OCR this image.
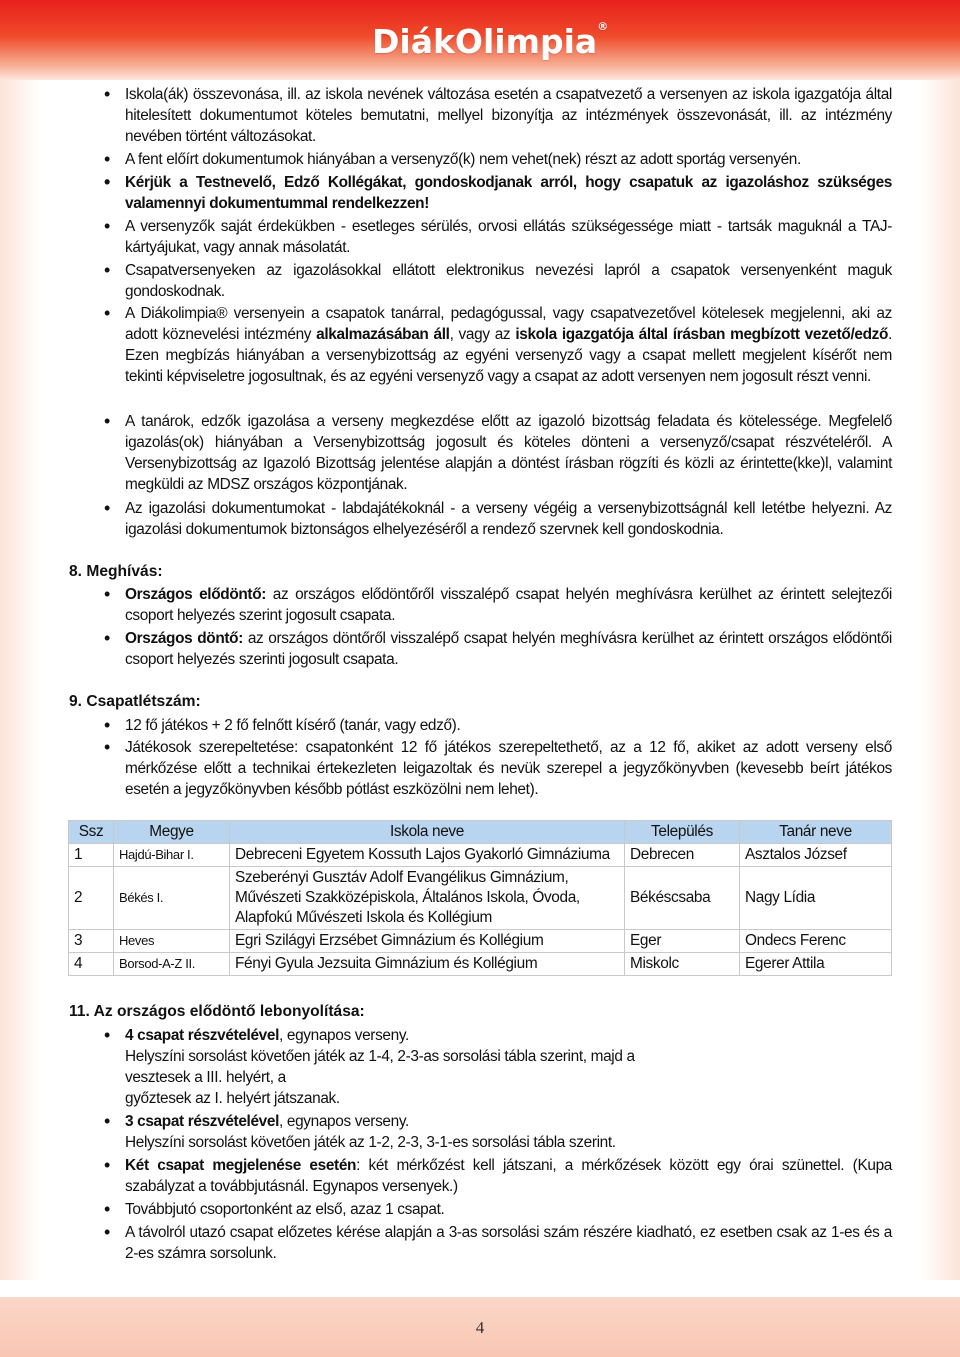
DiákOlimpia®
• Iskola(ák) összevonása, ill. az iskola nevének változása esetén a csapatvezető a versenyen az iskola igazgatója által hitelesített dokumentumot köteles bemutatni, mellyel bizonyítja az intézmények összevonását, ill. az intézmény nevében történt változásokat.
• A fent előírt dokumentumok hiányában a versenyző(k) nem vehet(nek) részt az adott sportág versenyén.
• Kérjük a Testnevelő, Edző Kollégákat, gondoskodjanak arról, hogy csapatuk az igazoláshoz szükséges valamennyi dokumentummal rendelkezzen!
• A versenyzők saját érdekükben - esetleges sérülés, orvosi ellátás szükségessége miatt - tartsák maguknál a TAJ-kártyájukat, vagy annak másolatát.
• Csapatversenyeken az igazolásokkal ellátott elektronikus nevezési lapról a csapatok versenyenként maguk gondoskodnak.
• A Diákolimpia® versenyein a csapatok tanárral, pedagógussal, vagy csapatvezetővel kötelesek megjelenni, aki az adott köznevelési intézmény alkalmazásában áll, vagy az iskola igazgatója által írásban megbízott vezető/edző. Ezen megbízás hiányában a versenybizottság az egyéni versenyző vagy a csapat mellett megjelent kísérőt nem tekinti képviseletre jogosultnak, és az egyéni versenyző vagy a csapat az adott versenyen nem jogosult részt venni.
• A tanárok, edzők igazolása a verseny megkezdése előtt az igazoló bizottság feladata és kötelessége. Megfelelő igazolás(ok) hiányában a Versenybizottság jogosult és köteles dönteni a versenyző/csapat részvételéről. A Versenybizottság az Igazoló Bizottság jelentése alapján a döntést írásban rögzíti és közli az érintette(kke)l, valamint megküldi az MDSZ országos központjának.
• Az igazolási dokumentumokat - labdajátékoknál - a verseny végéig a versenybizottságnál kell letétbe helyezni. Az igazolási dokumentumok biztonságos elhelyezéséről a rendező szervnek kell gondoskodnia.
8. Meghívás:
• Országos elődöntő: az országos elődöntőről visszalépő csapat helyén meghívásra kerülhet az érintett selejtezői csoport helyezés szerint jogosult csapata.
• Országos döntő: az országos döntőről visszalépő csapat helyén meghívásra kerülhet az érintett országos elődöntői csoport helyezés szerinti jogosult csapata.
9. Csapatlétszám:
• 12 fő játékos + 2 fő felnőtt kísérő (tanár, vagy edző).
• Játékosok szerepeltetése: csapatonként 12 fő játékos szerepeltethető, az a 12 fő, akiket az adott verseny első mérkőzése előtt a technikai értekezleten leigazoltak és nevük szerepel a jegyzőkönyvben (kevesebb beírt játékos esetén a jegyzőkönyvben később pótlást eszközölni nem lehet).
Ssz	Megye	Iskola neve	Település	Tanár neve
1	Hajdú-Bihar I.	Debreceni Egyetem Kossuth Lajos Gyakorló Gimnáziuma	Debrecen	Asztalos József
2	Békés I.	Szeberényi Gusztáv Adolf Evangélikus Gimnázium,
Művészeti Szakközépiskola, Általános Iskola, Óvoda,
Alapfokú Művészeti Iskola és Kollégium	Békéscsaba	Nagy Lídia
3	Heves	Egri Szilágyi Erzsébet Gimnázium és Kollégium	Eger	Ondecs Ferenc
4	Borsod-A-Z II.	Fényi Gyula Jezsuita Gimnázium és Kollégium	Miskolc	Egerer Attila
11. Az országos elődöntő lebonyolítása:
• 4 csapat részvételével, egynapos verseny.
Helyszíni sorsolást követően játék az 1-4, 2-3-as sorsolási tábla szerint, majd a
vesztesek a III. helyért, a
győztesek az I. helyért játszanak.
• 3 csapat részvételével, egynapos verseny.
Helyszíni sorsolást követően játék az 1-2, 2-3, 3-1-es sorsolási tábla szerint.
• Két csapat megjelenése esetén: két mérkőzést kell játszani, a mérkőzések között egy órai szünettel. (Kupa szabályzat a továbbjutásnál. Egynapos versenyek.)
• Továbbjutó csoportonként az első, azaz 1 csapat.
• A távolról utazó csapat előzetes kérése alapján a 3-as sorsolási szám részére kiadható, ez esetben csak az 1-es és a 2-es számra sorsolunk.
4
